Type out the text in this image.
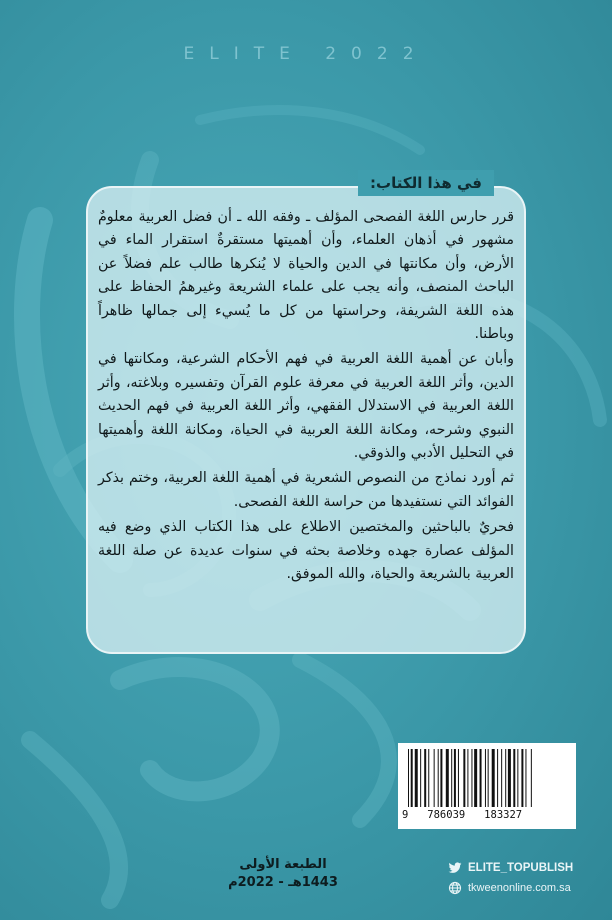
ELITE 2022
في هذا الكتاب:

قرر حارس اللغة الفصحى المؤلف ـ وفقه الله ـ أن فضل العربية معلومٌ مشهور في أذهان العلماء، وأن أهميتها مستقرةٌ استقرار الماء في الأرض، وأن مكانتها في الدين والحياة لا يُنكرها طالب علم فضلاً عن الباحث المنصف، وأنه يجب على علماء الشريعة وغيرهمُ الحفاظ على هذه اللغة الشريفة، وحراستها من كل ما يُسيء إلى جمالها ظاهراً وباطنا.

وأبان عن أهمية اللغة العربية في فهم الأحكام الشرعية، ومكانتها في الدين، وأثر اللغة العربية في معرفة علوم القرآن وتفسيره وبلاغته، وأثر اللغة العربية في الاستدلال الفقهي، وأثر اللغة العربية في فهم الحديث النبوي وشرحه، ومكانة اللغة العربية في الحياة، ومكانة اللغة وأهميتها في التحليل الأدبي والذوقي.

ثم أورد نماذج من النصوص الشعرية في أهمية اللغة العربية، وختم بذكر الفوائد التي نستفيدها من حراسة اللغة الفصحى.

فحريٌ بالباحثين والمختصين الاطلاع على هذا الكتاب الذي وضع فيه المؤلف عصارة جهده وخلاصة بحثه في سنوات عديدة عن صلة اللغة العربية بالشريعة والحياة، والله الموفق.

9   786039   183327
الطبعة الأولى
1443هـ - 2022م
ELITE_TOPUBLISH
tkweenonline.com.sa
